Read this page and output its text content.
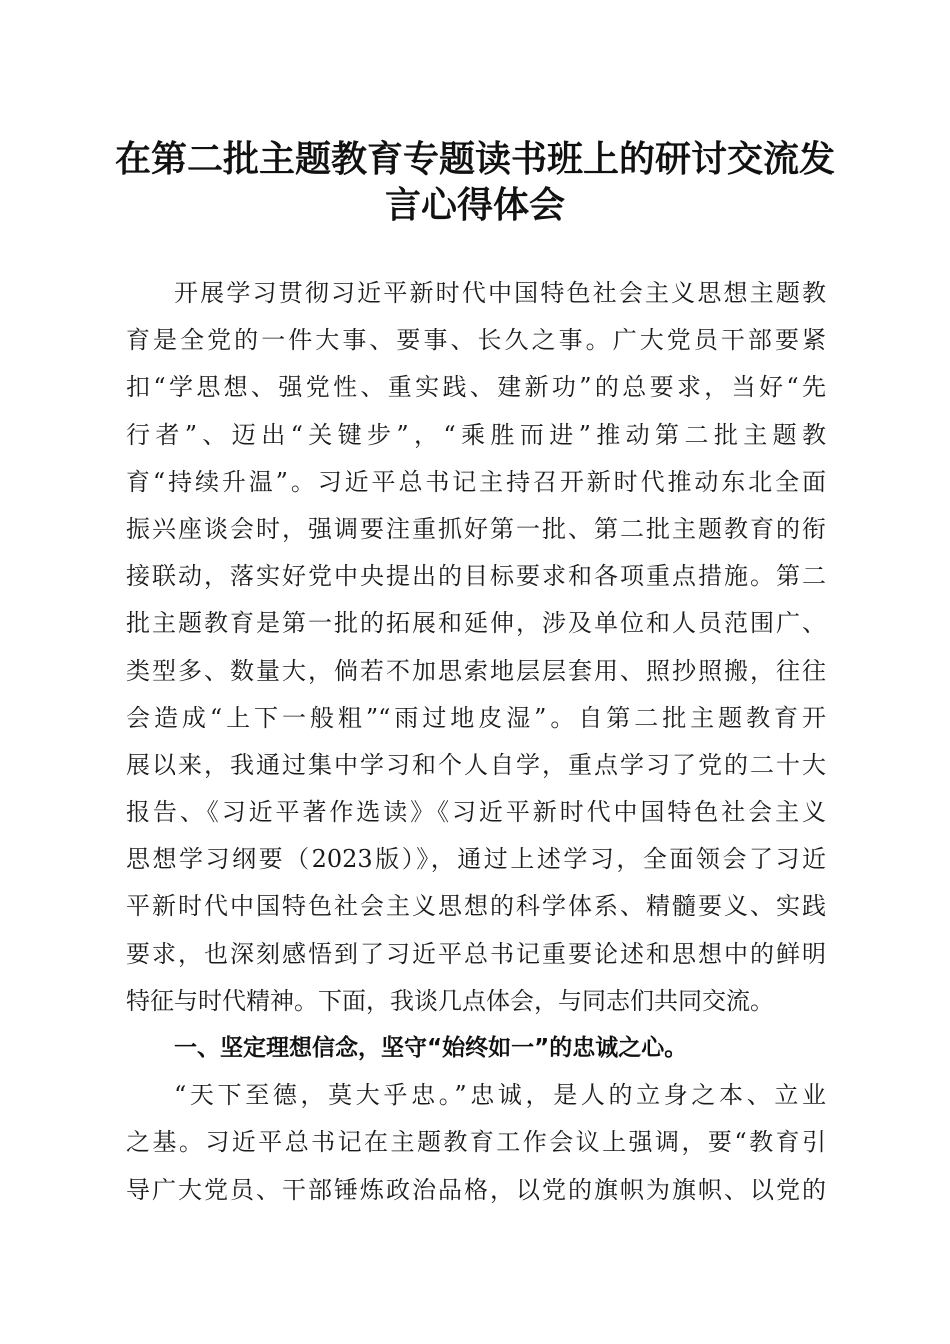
在第二批主题教育专题读书班上的研讨交流发
言心得体会
开展学习贯彻习近平新时代中国特色社会主义思想主题教
育是全党的一件大事、要事、长久之事。广大党员干部要紧
扣“学思想、强党性、重实践、建新功”的总要求，当好“先
行者”、迈出“关键步”，“乘胜而进”推动第二批主题教
育“持续升温”。习近平总书记主持召开新时代推动东北全面
振兴座谈会时，强调要注重抓好第一批、第二批主题教育的衔
接联动，落实好党中央提出的目标要求和各项重点措施。第二
批主题教育是第一批的拓展和延伸，涉及单位和人员范围广、
类型多、数量大，倘若不加思索地层层套用、照抄照搬，往往
会造成“上下一般粗”“雨过地皮湿”。自第二批主题教育开
展以来，我通过集中学习和个人自学，重点学习了党的二十大
报告、《习近平著作选读》《习近平新时代中国特色社会主义
思想学习纲要（2023版）》，通过上述学习，全面领会了习近
平新时代中国特色社会主义思想的科学体系、精髓要义、实践
要求，也深刻感悟到了习近平总书记重要论述和思想中的鲜明
特征与时代精神。下面，我谈几点体会，与同志们共同交流。
一、坚定理想信念，坚守“始终如一”的忠诚之心。
“天下至德，莫大乎忠。”忠诚，是人的立身之本、立业
之基。习近平总书记在主题教育工作会议上强调，要“教育引
导广大党员、干部锤炼政治品格，以党的旗帜为旗帜、以党的
